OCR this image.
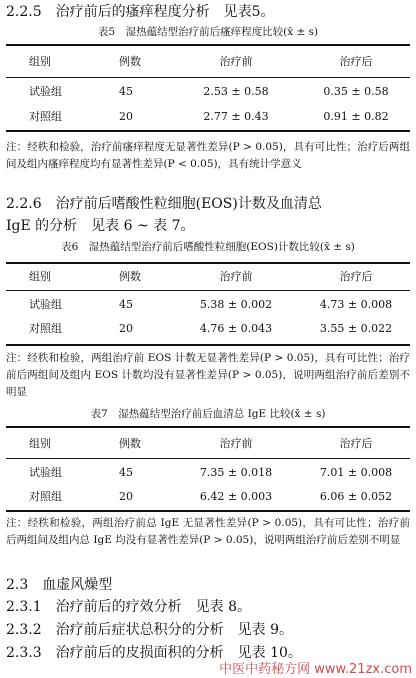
2.2.5　治疗前后的瘙痒程度分析　见表5。
表5　湿热蕴结型治疗前后瘙痒程度比较(x̄ ± s)
组别	例数	治疗前	治疗后
试验组	45	2.53 ± 0.58	0.35 ± 0.58
对照组	20	2.77 ± 0.43	0.91 ± 0.82
注：经秩和检验，治疗前瘙痒程度无显著性差异(P > 0.05)，具有可比性；治疗后两组间及组内瘙痒程度均有显著性差异(P < 0.05)，具有统计学意义
2.2.6　治疗前后嗜酸性粒细胞(EOS)计数及血清总
IgE 的分析　见表 6 ~ 表 7。
表6　湿热蕴结型治疗前后嗜酸性粒细胞(EOS)计数比较(x̄ ± s)
组别	例数	治疗前	治疗后
试验组	45	5.38 ± 0.002	4.73 ± 0.008
对照组	20	4.76 ± 0.043	3.55 ± 0.022
注：经秩和检验，两组治疗前 EOS 计数无显著性差异(P > 0.05)，具有可比性；治疗前后两组间及组内 EOS 计数均没有显著性差异(P > 0.05)，说明两组治疗前后差别不明显
表7　湿热蕴结型治疗前后血清总 IgE 比较(x̄ ± s)
组别	例数	治疗前	治疗后
试验组	45	7.35 ± 0.018	7.01 ± 0.008
对照组	20	6.42 ± 0.003	6.06 ± 0.052
注：经秩和检验，两组治疗前总 IgE 无显著性差异(P > 0.05)，具有可比性；治疗前后两组间及组内总 IgE 均没有显著性差异(P > 0.05)，说明两组治疗前后差别不明显
2.3　血虚风燥型
2.3.1　治疗前后的疗效分析　见表 8。
2.3.2　治疗前后症状总积分的分析　见表 9。
2.3.3　治疗前后的皮损面积的分析　见表 10。
中医中药秘方网 www.21zx.com
